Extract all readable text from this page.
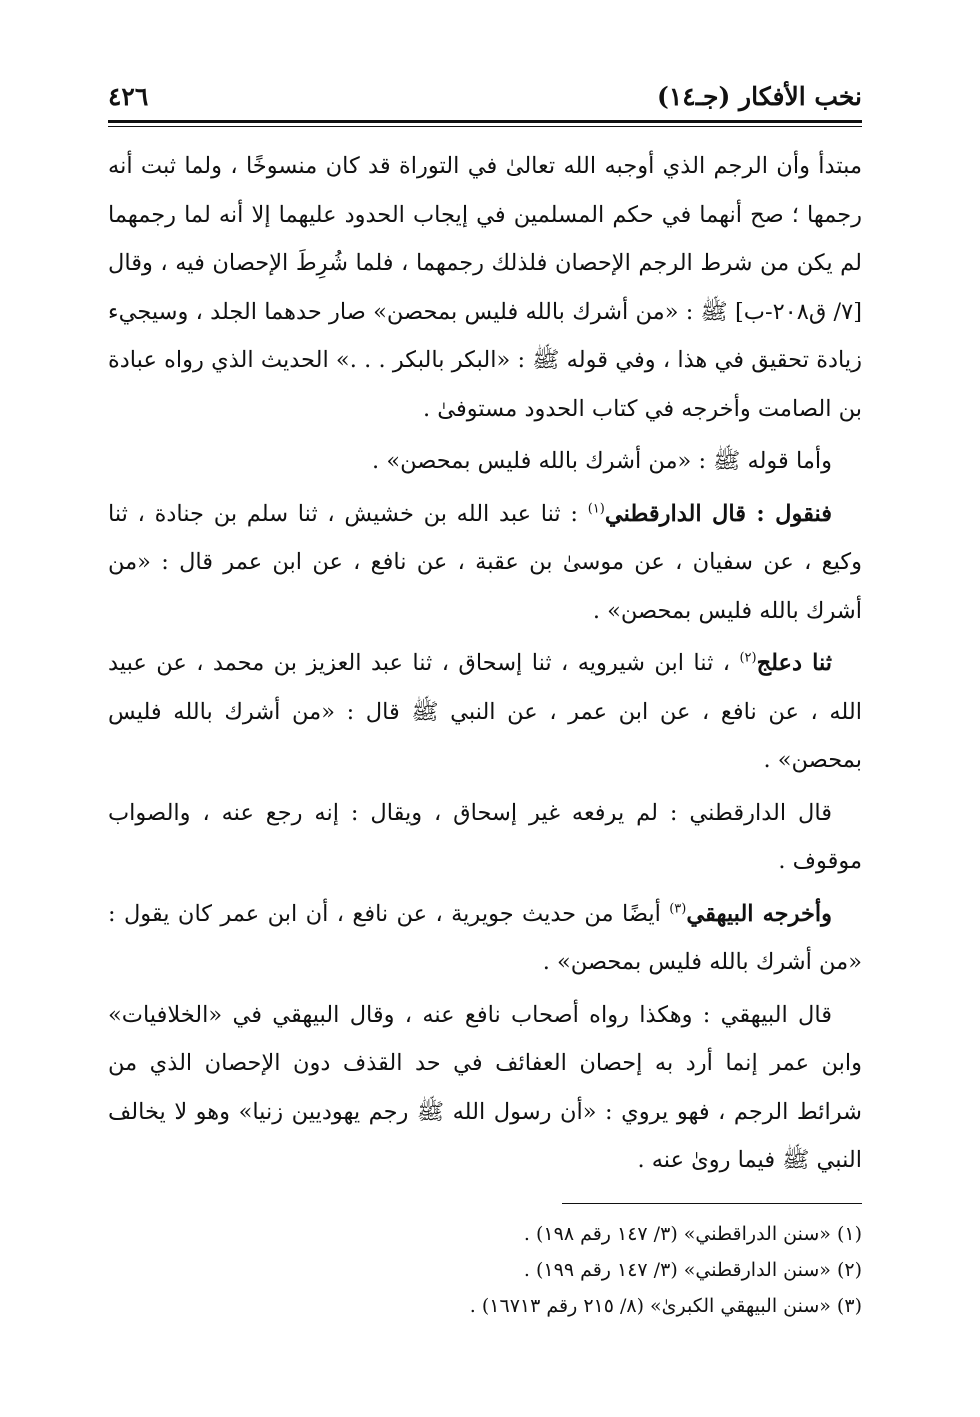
نخب الأفكار (جـ١٤)
٤٢٦

مبتدأ وأن الرجم الذي أوجبه الله تعالىٰ في التوراة قد كان منسوخًا ، ولما ثبت أنه رجمها ؛ صح أنهما في حكم المسلمين في إيجاب الحدود عليهما إلا أنه لما رجمهما لم يكن من شرط الرجم الإحصان فلذلك رجمهما ، فلما شُرِطَ الإحصان فيه ، وقال [٧/ ق٢٠٨-ب] ﷺ : «من أشرك بالله فليس بمحصن» صار حدهما الجلد ، وسيجيء زيادة تحقيق في هذا ، وفي قوله ﷺ : «البكر بالبكر . . .» الحديث الذي رواه عبادة بن الصامت وأخرجه في كتاب الحدود مستوفىٰ .

وأما قوله ﷺ : «من أشرك بالله فليس بمحصن» .

فنقول : قال الدارقطني$^{(١)}$ : ثنا عبد الله بن خشيش ، ثنا سلم بن جنادة ، ثنا وكيع ، عن سفيان ، عن موسىٰ بن عقبة ، عن نافع ، عن ابن عمر قال : «من أشرك بالله فليس بمحصن» .

ثنا دعلج$^{(٢)}$ ، ثنا ابن شيرويه ، ثنا إسحاق ، ثنا عبد العزيز بن محمد ، عن عبيد الله ، عن نافع ، عن ابن عمر ، عن النبي ﷺ قال : «من أشرك بالله فليس بمحصن» .

قال الدارقطني : لم يرفعه غير إسحاق ، ويقال : إنه رجع عنه ، والصواب موقوف .

وأخرجه البيهقي$^{(٣)}$ أيضًا من حديث جويرية ، عن نافع ، أن ابن عمر كان يقول : «من أشرك بالله فليس بمحصن» .

قال البيهقي : وهكذا رواه أصحاب نافع عنه ، وقال البيهقي في «الخلافيات» وابن عمر إنما أرد به إحصان العفائف في حد القذف دون الإحصان الذي من شرائط الرجم ، فهو يروي : «أن رسول الله ﷺ رجم يهوديين زنيا» وهو لا يخالف النبي ﷺ فيما روىٰ عنه .

(١) «سنن الدراقطني» (٣/ ١٤٧ رقم ١٩٨) .
(٢) «سنن الدارقطني» (٣/ ١٤٧ رقم ١٩٩) .
(٣) «سنن البيهقي الكبرىٰ» (٨/ ٢١٥ رقم ١٦٧١٣) .
